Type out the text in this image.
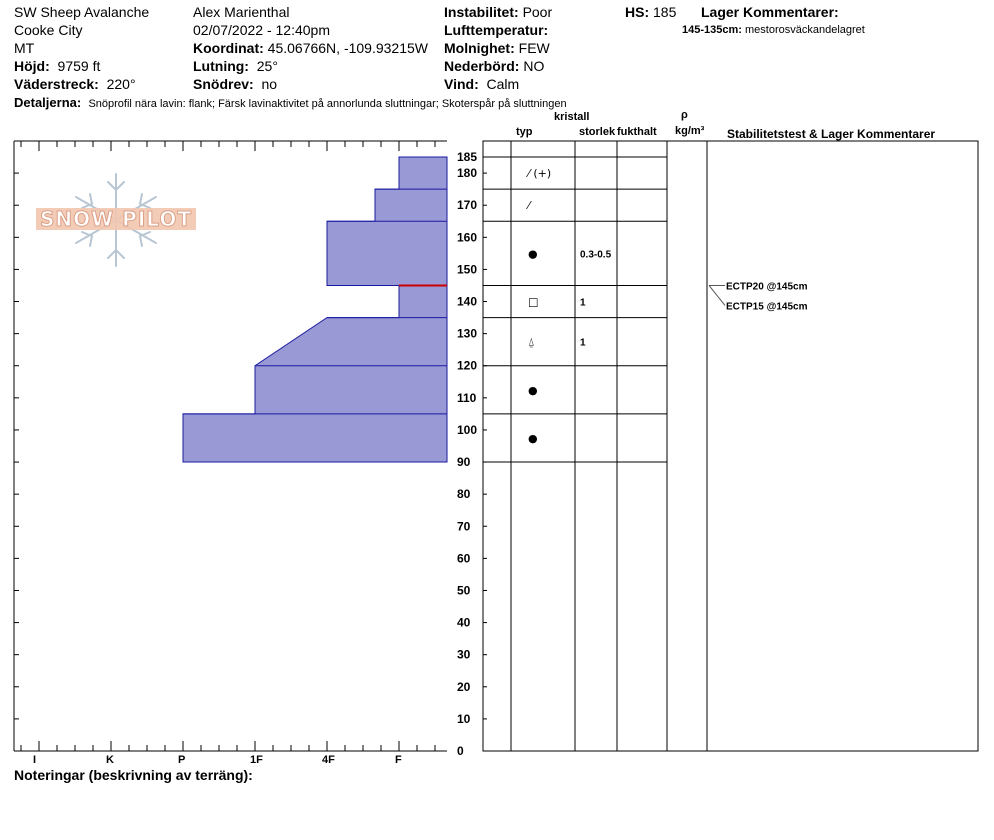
SW Sheep Avalanche
Cooke City
MT
Höjd: 9759 ft
Väderstreck: 220°
Alex Marienthal
02/07/2022 - 12:40pm
Koordinat: 45.06766N, -109.93215W
Lutning: 25°
Snödrev: no
Instabilitet: Poor
Lufttemperatur:
Molnighet: FEW
Nederbörd: NO
Vind: Calm
HS: 185 Lager Kommentarer:
145-135cm: mestorosväckandelagret
Detaljerna: Snöprofil nära lavin: flank; Färsk lavinaktivitet på annorlunda sluttningar; Skoterspår på sluttningen
typ
kristall
storlek fukthalt
ρ
kg/m³ Stabilitetstest & Lager Kommentarer
I	K	P	1F	4F	F
Noteringar (beskrivning av terräng):
SNOW PILOT
185
180
170
160
150
140
130
120
110
100
90
80
70
60
50
40
30
20
10
0
⁄ (+)
⁄
●	0.3-0.5
□	1
⍙	1
●
●
ECTP20 @145cm
ECTP15 @145cm
